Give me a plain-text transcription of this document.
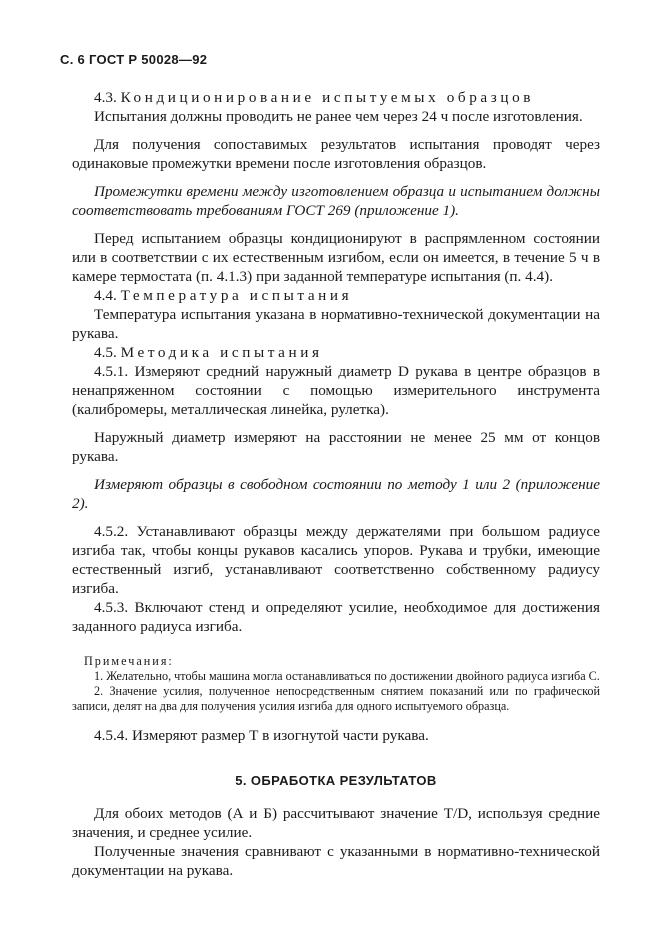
С. 6 ГОСТ Р 50028—92

4.3. Кондиционирование испытуемых образцов

Испытания должны проводить не ранее чем через 24 ч после изготовления.

Для получения сопоставимых результатов испытания проводят через одинаковые промежутки времени после изготовления образцов.

Промежутки времени между изготовлением образца и испытанием должны соответствовать требованиям ГОСТ 269 (приложение 1).

Перед испытанием образцы кондиционируют в распрямленном состоянии или в соответствии с их естественным изгибом, если он имеется, в течение 5 ч в камере термостата (п. 4.1.3) при заданной температуре испытания (п. 4.4).

4.4. Температура испытания

Температура испытания указана в нормативно-технической документации на рукава.

4.5. Методика испытания

4.5.1. Измеряют средний наружный диаметр D рукава в центре образцов в ненапряженном состоянии с помощью измерительного инструмента (калибромеры, металлическая линейка, рулетка).

Наружный диаметр измеряют на расстоянии не менее 25 мм от концов рукава.

Измеряют образцы в свободном состоянии по методу 1 или 2 (приложение 2).

4.5.2. Устанавливают образцы между держателями при большом радиусе изгиба так, чтобы концы рукавов касались упоров. Рукава и трубки, имеющие естественный изгиб, устанавливают соответственно собственному радиусу изгиба.

4.5.3. Включают стенд и определяют усилие, необходимое для достижения заданного радиуса изгиба.

Примечания:

1. Желательно, чтобы машина могла останавливаться по достижении двойного радиуса изгиба С.

2. Значение усилия, полученное непосредственным снятием показаний или по графической записи, делят на два для получения усилия изгиба для одного испытуемого образца.

4.5.4. Измеряют размер Т в изогнутой части рукава.

5. ОБРАБОТКА РЕЗУЛЬТАТОВ

Для обоих методов (А и Б) рассчитывают значение T/D, используя средние значения, и среднее усилие.

Полученные значения сравнивают с указанными в нормативно-технической документации на рукава.
